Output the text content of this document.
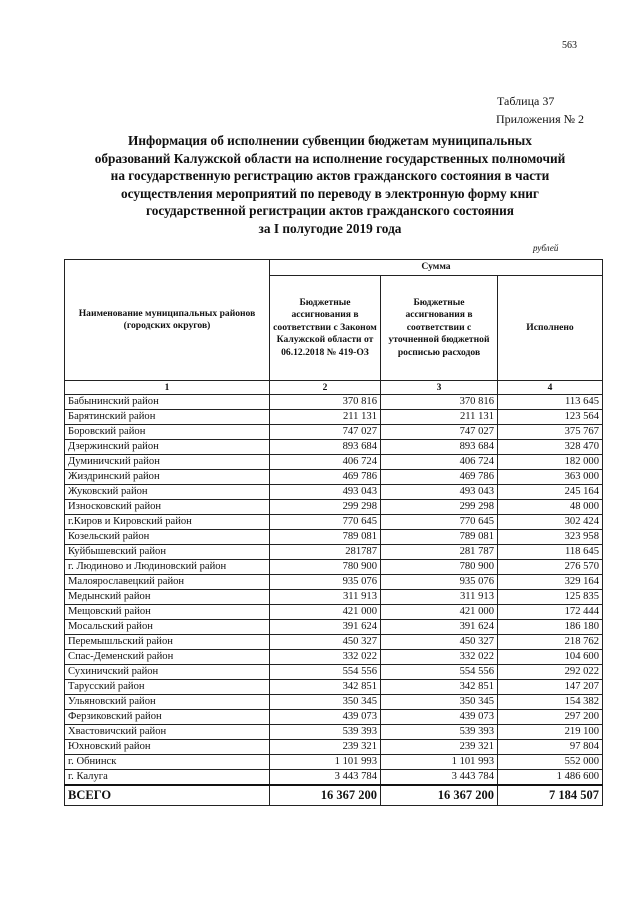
563
Таблица 37
Приложения № 2
Информация об исполнении субвенции бюджетам муниципальных
образований Калужской области на исполнение государственных полномочий
на государственную регистрацию актов гражданского состояния в части
осуществления мероприятий по переводу в электронную форму книг
государственной регистрации актов гражданского состояния
за I полугодие 2019 года
рублей
Наименование муниципальных районов (городских округов)	Сумма		
	Бюджетные ассигнования в соответствии с Законом Калужской области от 06.12.2018 № 419-ОЗ	Бюджетные ассигнования в соответствии с уточненной бюджетной росписью расходов	Исполнено
1	2	3	4
Бабынинский район	370 816	370 816	113 645
Барятинский район	211 131	211 131	123 564
Боровский район	747 027	747 027	375 767
Дзержинский район	893 684	893 684	328 470
Думиничский район	406 724	406 724	182 000
Жиздринский район	469 786	469 786	363 000
Жуковский район	493 043	493 043	245 164
Износковский район	299 298	299 298	48 000
г.Киров и Кировский район	770 645	770 645	302 424
Козельский район	789 081	789 081	323 958
Куйбышевский район	281787	281 787	118 645
г. Людиново и Людиновский район	780 900	780 900	276 570
Малоярославецкий район	935 076	935 076	329 164
Медынский район	311 913	311 913	125 835
Мещовский район	421 000	421 000	172 444
Мосальский район	391 624	391 624	186 180
Перемышльский район	450 327	450 327	218 762
Спас-Деменский район	332 022	332 022	104 600
Сухиничский район	554 556	554 556	292 022
Тарусский район	342 851	342 851	147 207
Ульяновский район	350 345	350 345	154 382
Ферзиковский район	439 073	439 073	297 200
Хвастовичский район	539 393	539 393	219 100
Юхновский район	239 321	239 321	97 804
г. Обнинск	1 101 993	1 101 993	552 000
г. Калуга	3 443 784	3 443 784	1 486 600
ВСЕГО	16 367 200	16 367 200	7 184 507
